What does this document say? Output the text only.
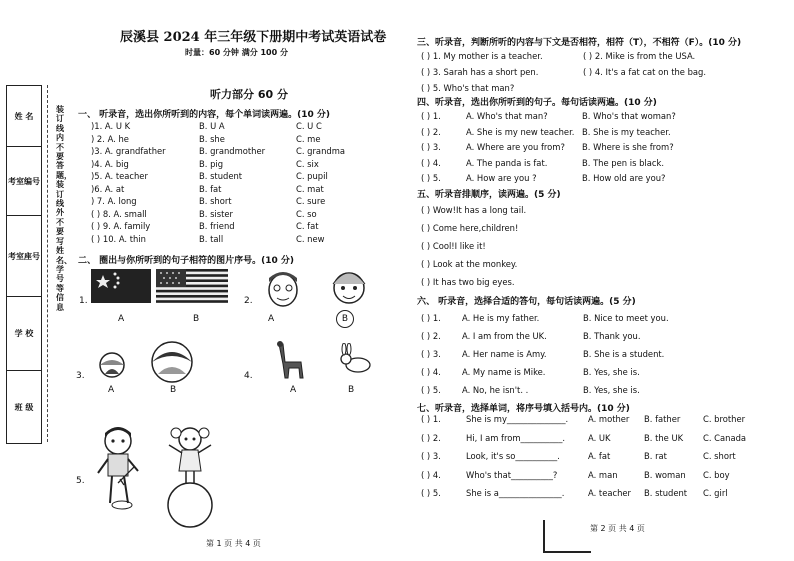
姓 名
考室编号
考室座号
学 校
班 级
装订线内不要答题，装订线外不要写姓名、学号等信息
辰溪县 2024 年三年级下册期中考试英语试卷
时量：60 分钟 满分 100 分
听力部分 60 分
一、 听录音，选出你所听到的内容，每个单词读两遍。(10 分)
)1. A. U K	B. U A	C. U C
) 2. A. he	B. she	C. me
)3. A. grandfather	B. grandmother	C. grandma
)4. A. big	B. pig	C. six
)5. A. teacher	B. student	C. pupil
)6. A. at	B. fat	C. mat
) 7. A. long	B. short	C. sure
( ) 8. A. small	B. sister	C. so
( ) 9. A. family	B. friend	C. fat
( ) 10. A. thin	B. tall	C. new
二、 圈出与你所听到的句子相符的图片序号。(10 分)
1.	2.
3.	4.
5.
A	B	A	B
A	B	A	B
第 1 页 共 4 页
三、听录音，判断所听的内容与下文是否相符，相符（T），不相符（F）。(10 分)
( ) 1. My mother is a teacher.	( ) 2. Mike is from the USA.
( ) 3. Sarah has a short pen.	( ) 4. It's a fat cat on the bag.
( ) 5. Who's that man?
四、听录音，选出你所听到的句子。每句话读两遍。(10 分)
( ) 1.	A. Who's that man?	B. Who's that woman?
( ) 2.	A. She is my new teacher. B. She is my teacher.
( ) 3.	A. Where are you from? B. Where is she from?
( ) 4.	A. The panda is fat.	B. The pen is black.
( ) 5.	A. How are you ?	B. How old are you?
五、听录音排顺序，读两遍。(5 分)
( ) Wow!It has a long tail.
( ) Come here,children!
( ) Cool!I like it!
( ) Look at the monkey.
( ) It has two big eyes.
六、 听录音，选择合适的答句，每句话读两遍。(5 分)
( ) 1.	A. He is my father.	B. Nice to meet you.
( ) 2.	A. I am from the UK.	B. Thank you.
( ) 3.	A. Her name is Amy.	B. She is a student.
( ) 4.	A. My name is Mike.	B. Yes, she is.
( ) 5.	A. No, he isn't. .	B. Yes, she is.
七、听录音，选择单词，将序号填入括号内。(10 分)
( ) 1.	She is my______________. A. mother B. father	C. brother
( ) 2.	Hi, I am from__________.	A. UK	B. the UK C. Canada
( ) 3.	Look, it's so__________.	A. fat	B. rat	C. short
( ) 4.	Who's that__________?	A. man	B. woman C. boy
( ) 5.	She is a_______________.	A. teacher B. student C. girl
第 2 页 共 4 页
